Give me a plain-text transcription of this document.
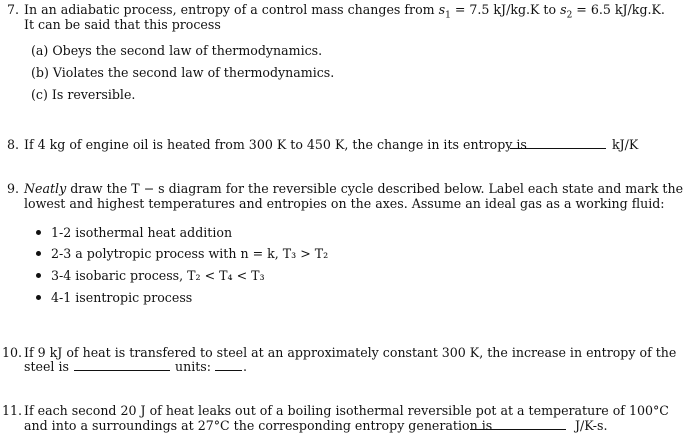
7. In an adiabatic process, entropy of a control mass changes from $s_1 = 7.5$ kJ/kg.K to $s_2 = 6.5$ kJ/kg.K.
It can be said that this process
(a) Obeys the second law of thermodynamics.
(b) Violates the second law of thermodynamics.
(c) Is reversible.
8. If 4 kg of engine oil is heated from 300 K to 450 K, the change in its entropy is	kJ/K
9. Neatly draw the T − s diagram for the reversible cycle described below. Label each state and mark the
lowest and highest temperatures and entropies on the axes. Assume an ideal gas as a working fluid:
1-2 isothermal heat addition
2-3 a polytropic process with n = k, T₃ > T₂
3-4 isobaric process, T₂ < T₄ < T₃
4-1 isentropic process
10. If 9 kJ of heat is transfered to steel at an approximately constant 300 K, the increase in entropy of the
steel is	units:	.
11. If each second 20 J of heat leaks out of a boiling isothermal reversible pot at a temperature of 100°C
and into a surroundings at 27°C the corresponding entropy generation is	J/K-s.
